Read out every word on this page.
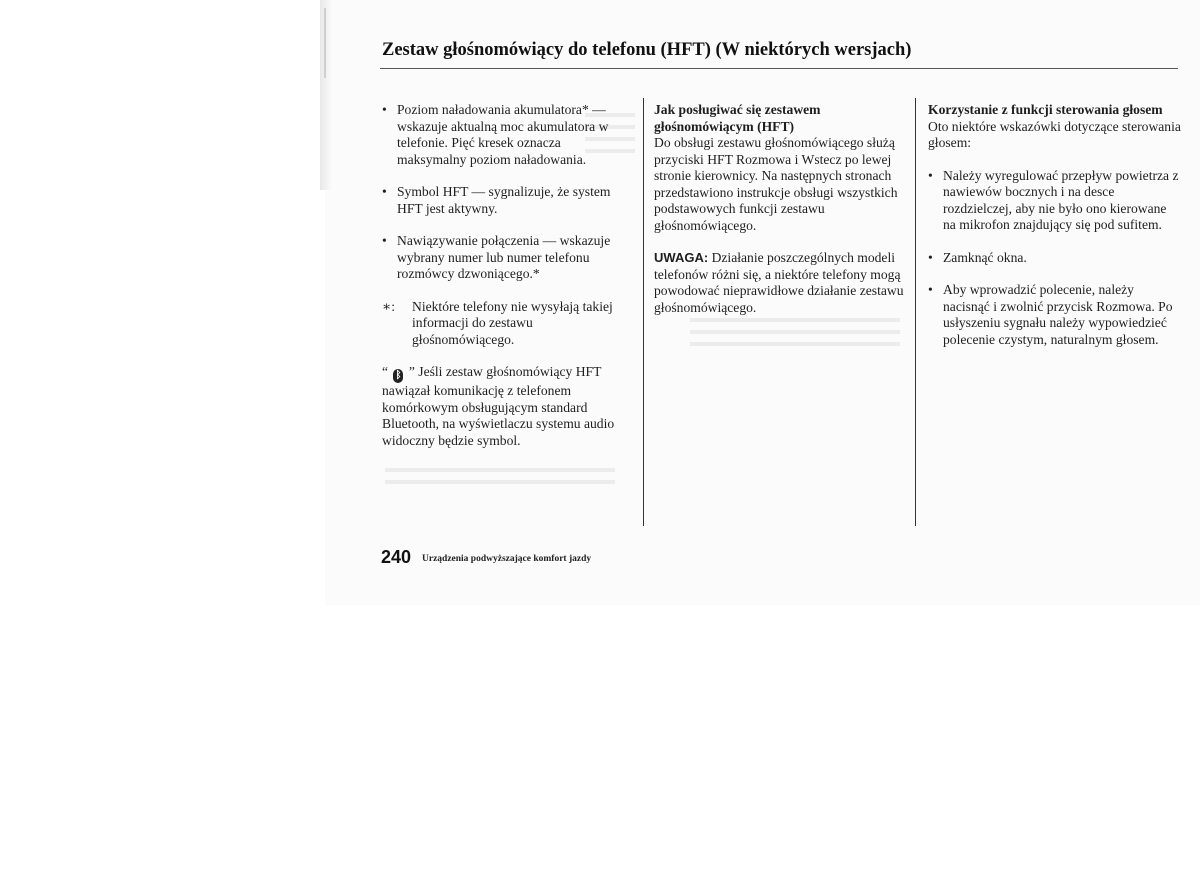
Zestaw głośnomówiący do telefonu (HFT) (W niektórych wersjach)
• Poziom naładowania akumulatora* — wskazuje aktualną moc akumulatora w telefonie. Pięć kresek oznacza maksymalny poziom naładowania.
• Symbol HFT — sygnalizuje, że system HFT jest aktywny.
• Nawiązywanie połączenia — wskazuje wybrany numer lub numer telefonu rozmówcy dzwoniącego.*
∗: Niektóre telefony nie wysyłają takiej informacji do zestawu głośnomówiącego.

“ ᛒ ” Jeśli zestaw głośnomówiący HFT nawiązał komunikację z telefonem komórkowym obsługującym standard Bluetooth, na wyświetlaczu systemu audio widoczny będzie symbol.

Jak posługiwać się zestawem głośnomówiącym (HFT)

Do obsługi zestawu głośnomówiącego służą przyciski HFT Rozmowa i Wstecz po lewej stronie kierownicy. Na następnych stronach przedstawiono instrukcje obsługi wszystkich podstawowych funkcji zestawu głośnomówiącego.

UWAGA: Działanie poszczególnych modeli telefonów różni się, a niektóre telefony mogą powodować nieprawidłowe działanie zestawu głośnomówiącego.

Korzystanie z funkcji sterowania głosem

Oto niektóre wskazówki dotyczące sterowania głosem:

• Należy wyregulować przepływ powietrza z nawiewów bocznych i na desce rozdzielczej, aby nie było ono kierowane na mikrofon znajdujący się pod sufitem.
• Zamknąć okna.
• Aby wprowadzić polecenie, należy nacisnąć i zwolnić przycisk Rozmowa. Po usłyszeniu sygnału należy wypowiedzieć polecenie czystym, naturalnym głosem.
240 Urządzenia podwyższające komfort jazdy
